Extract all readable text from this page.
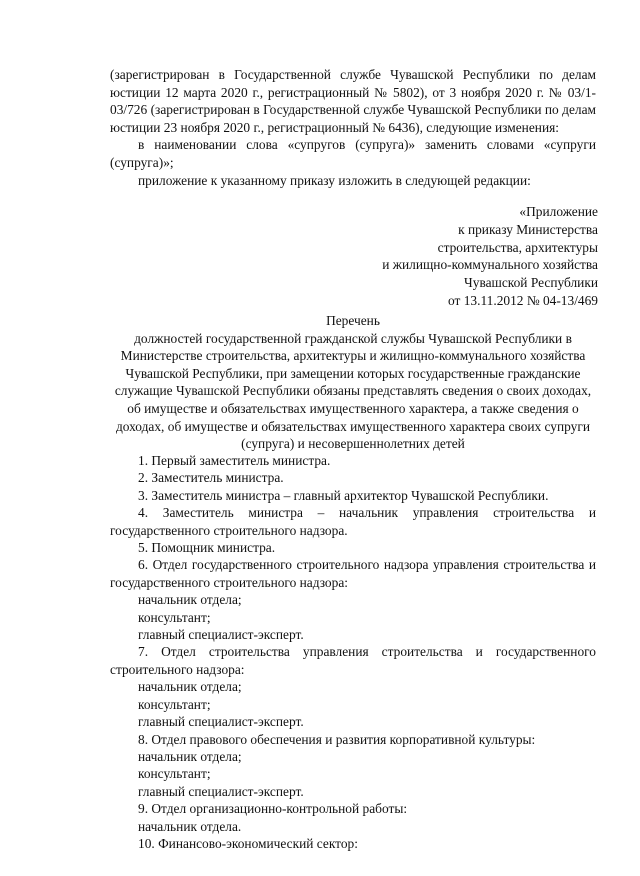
(зарегистрирован в Государственной службе Чувашской Республики по делам юстиции 12 марта 2020 г., регистрационный № 5802), от 3 ноября 2020 г. № 03/1-03/726 (зарегистрирован в Государственной службе Чувашской Республики по делам юстиции 23 ноября 2020 г., регистрационный № 6436), следующие изменения:

в наименовании слова «супругов (супруга)» заменить словами «супруги (супруга)»;

приложение к указанному приказу изложить в следующей редакции:

«Приложение
к приказу Министерства
строительства, архитектуры
и жилищно-коммунального хозяйства
Чувашской Республики
от 13.11.2012 № 04-13/469
Перечень
должностей государственной гражданской службы Чувашской Республики в
Министерстве строительства, архитектуры и жилищно-коммунального хозяйства
Чувашской Республики, при замещении которых государственные гражданские
служащие Чувашской Республики обязаны представлять сведения о своих доходах,
об имуществе и обязательствах имущественного характера, а также сведения о
доходах, об имуществе и обязательствах имущественного характера своих супруги
(супруга) и несовершеннолетних детей
1. Первый заместитель министра.
2. Заместитель министра.
3. Заместитель министра – главный архитектор Чувашской Республики.
4. Заместитель министра – начальник управления строительства и государственного строительного надзора.
5. Помощник министра.
6. Отдел государственного строительного надзора управления строительства и государственного строительного надзора:
начальник отдела;
консультант;
главный специалист-эксперт.
7. Отдел строительства управления строительства и государственного строительного надзора:
начальник отдела;
консультант;
главный специалист-эксперт.
8. Отдел правового обеспечения и развития корпоративной культуры:
начальник отдела;
консультант;
главный специалист-эксперт.
9. Отдел организационно-контрольной работы:
начальник отдела.
10. Финансово-экономический сектор:
